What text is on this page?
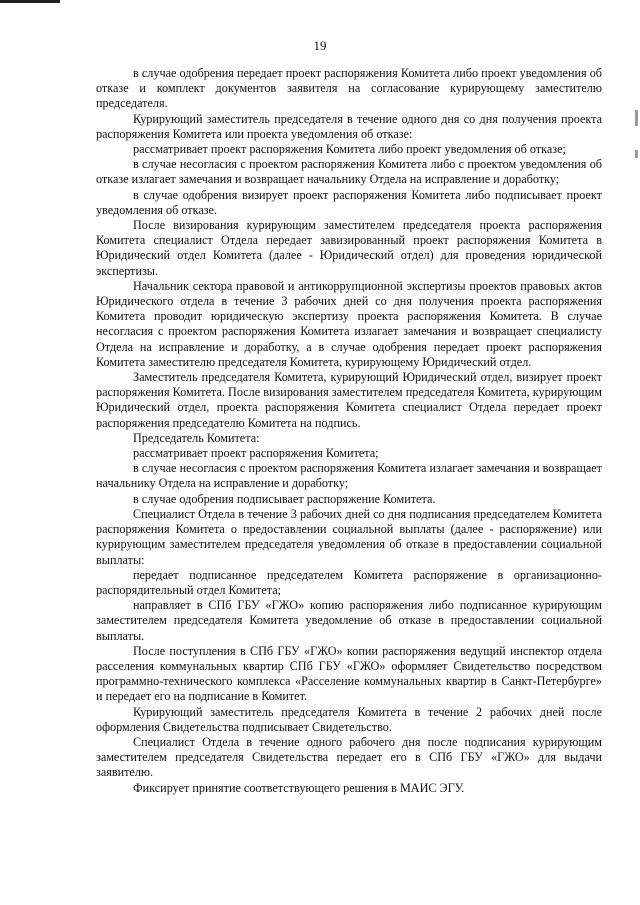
19

в случае одобрения передает проект распоряжения Комитета либо проект уведомления об отказе и комплект документов заявителя на согласование курирующему заместителю председателя.

Курирующий заместитель председателя в течение одного дня со дня получения проекта распоряжения Комитета или проекта уведомления об отказе:

рассматривает проект распоряжения Комитета либо проект уведомления об отказе;

в случае несогласия с проектом распоряжения Комитета либо с проектом уведомления об отказе излагает замечания и возвращает начальнику Отдела на исправление и доработку;

в случае одобрения визирует проект распоряжения Комитета либо подписывает проект уведомления об отказе.

После визирования курирующим заместителем председателя проекта распоряжения Комитета специалист Отдела передает завизированный проект распоряжения Комитета в Юридический отдел Комитета (далее - Юридический отдел) для проведения юридической экспертизы.

Начальник сектора правовой и антикоррупционной экспертизы проектов правовых актов Юридического отдела в течение 3 рабочих дней со дня получения проекта распоряжения Комитета проводит юридическую экспертизу проекта распоряжения Комитета. В случае несогласия с проектом распоряжения Комитета излагает замечания и возвращает специалисту Отдела на исправление и доработку, а в случае одобрения передает проект распоряжения Комитета заместителю председателя Комитета, курирующему Юридический отдел.

Заместитель председателя Комитета, курирующий Юридический отдел, визирует проект распоряжения Комитета. После визирования заместителем председателя Комитета, курирующим Юридический отдел, проекта распоряжения Комитета специалист Отдела передает проект распоряжения председателю Комитета на подпись.

Председатель Комитета:

рассматривает проект распоряжения Комитета;

в случае несогласия с проектом распоряжения Комитета излагает замечания и возвращает начальнику Отдела на исправление и доработку;

в случае одобрения подписывает распоряжение Комитета.

Специалист Отдела в течение 3 рабочих дней со дня подписания председателем Комитета распоряжения Комитета о предоставлении социальной выплаты (далее - распоряжение) или курирующим заместителем председателя уведомления об отказе в предоставлении социальной выплаты:

передает подписанное председателем Комитета распоряжение в организационно-распорядительный отдел Комитета;

направляет в СПб ГБУ «ГЖО» копию распоряжения либо подписанное курирующим заместителем председателя Комитета уведомление об отказе в предоставлении социальной выплаты.

После поступления в СПб ГБУ «ГЖО» копии распоряжения ведущий инспектор отдела расселения коммунальных квартир СПб ГБУ «ГЖО» оформляет Свидетельство посредством программно-технического комплекса «Расселение коммунальных квартир в Санкт-Петербурге» и передает его на подписание в Комитет.

Курирующий заместитель председателя Комитета в течение 2 рабочих дней после оформления Свидетельства подписывает Свидетельство.

Специалист Отдела в течение одного рабочего дня после подписания курирующим заместителем председателя Свидетельства передает его в СПб ГБУ «ГЖО» для выдачи заявителю.

Фиксирует принятие соответствующего решения в МАИС ЭГУ.
